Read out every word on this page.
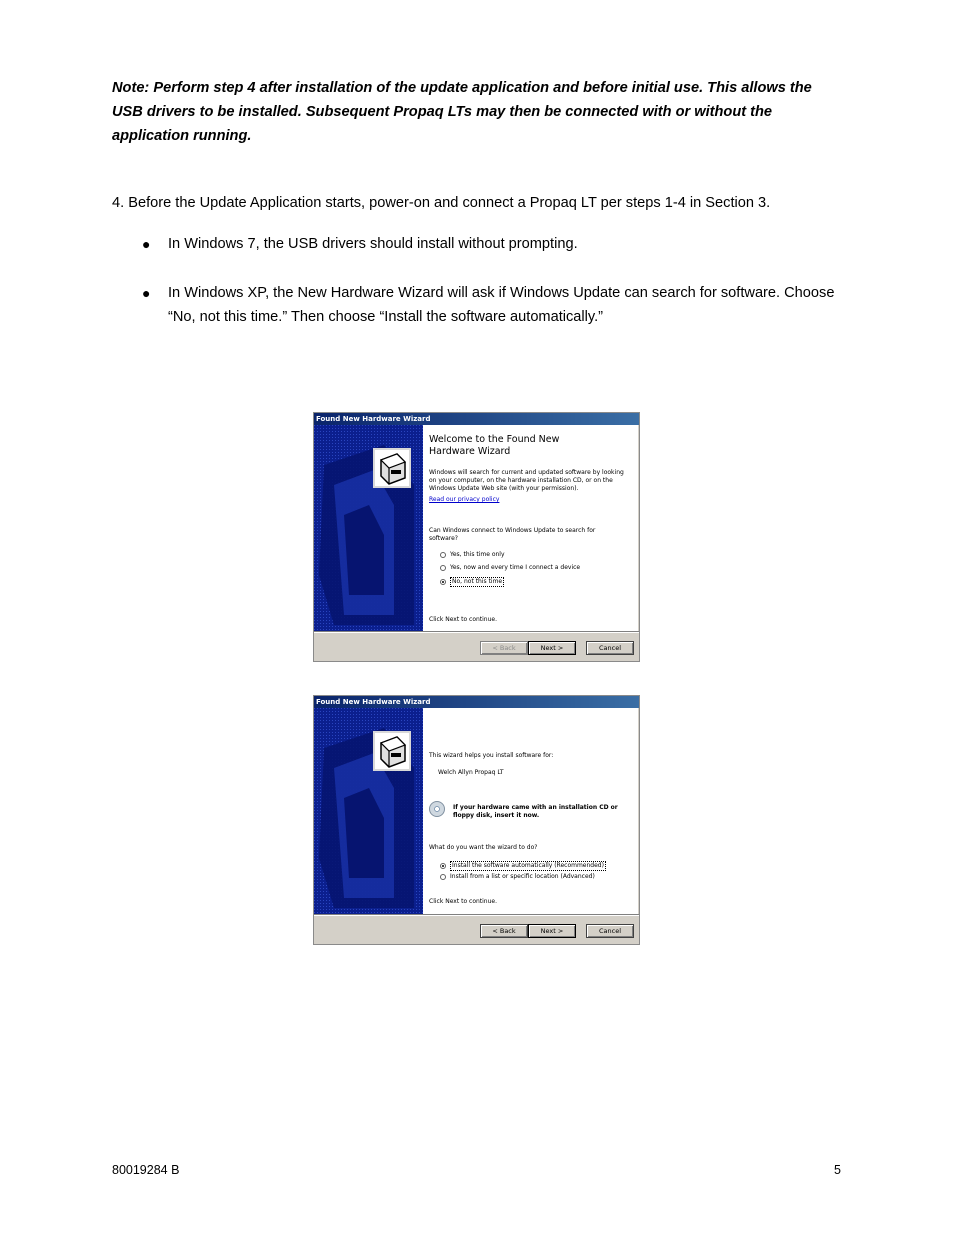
Note: Perform step 4 after installation of the update application and before initial use. This allows the USB drivers to be installed. Subsequent Propaq LTs may then be connected with or without the application running.

4. Before the Update Application starts, power-on and connect a Propaq LT per steps 1-4 in Section 3.

● In Windows 7, the USB drivers should install without prompting.

● In Windows XP, the New Hardware Wizard will ask if Windows Update can search for software. Choose “No, not this time.” Then choose “Install the software automatically.”

Found New Hardware Wizard
Welcome to the Found New Hardware Wizard
Windows will search for current and updated software by looking on your computer, on the hardware installation CD, or on the Windows Update Web site (with your permission).
Read our privacy policy
Can Windows connect to Windows Update to search for software?
Yes, this time only
Yes, now and every time I connect a device
No, not this time
Click Next to continue.
< Back	Next >	Cancel
Found New Hardware Wizard
This wizard helps you install software for:
Welch Allyn Propaq LT
If your hardware came with an installation CD or floppy disk, insert it now.
What do you want the wizard to do?
Install the software automatically (Recommended)
Install from a list or specific location (Advanced)
Click Next to continue.
< Back	Next >	Cancel
80019284 B	5
